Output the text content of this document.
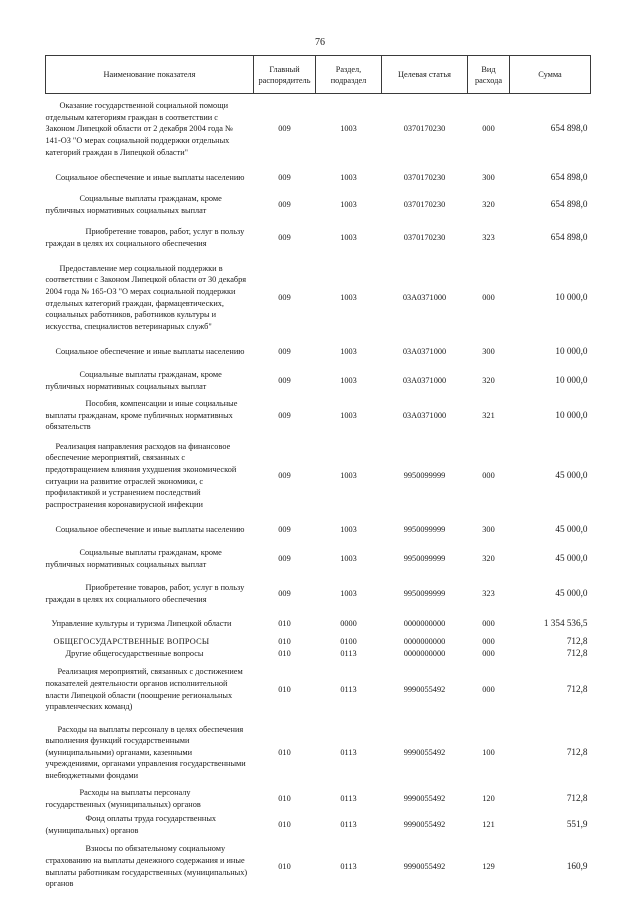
76
Наименование показателя	Главный распорядитель	Раздел, подраздел	Целевая статья	Вид расхода	Сумма
Оказание государственной социальной помощи отдельным категориям граждан в соответствии с Законом Липецкой области от 2 декабря 2004 года № 141-ОЗ "О мерах социальной поддержки отдельных категорий граждан в Липецкой области"	009	1003	0370170230	000	654 898,0
Социальное обеспечение и иные выплаты населению	009	1003	0370170230	300	654 898,0
Социальные выплаты гражданам, кроме публичных нормативных социальных выплат	009	1003	0370170230	320	654 898,0
Приобретение товаров, работ, услуг в пользу граждан в целях их социального обеспечения	009	1003	0370170230	323	654 898,0
Предоставление мер социальной поддержки в соответствии с Законом Липецкой области от 30 декабря 2004 года № 165-ОЗ "О мерах социальной поддержки отдельных категорий граждан, фармацевтических, социальных работников, работников культуры и искусства, специалистов ветеринарных служб"	009	1003	03А0371000	000	10 000,0
Социальное обеспечение и иные выплаты населению	009	1003	03А0371000	300	10 000,0
Социальные выплаты гражданам, кроме публичных нормативных социальных выплат	009	1003	03А0371000	320	10 000,0
Пособия, компенсации и иные социальные выплаты гражданам, кроме публичных нормативных обязательств	009	1003	03А0371000	321	10 000,0
Реализация направления расходов на финансовое обеспечение мероприятий, связанных с предотвращением влияния ухудшения экономической ситуации на развитие отраслей экономики, с профилактикой и устранением последствий распространения коронавирусной инфекции	009	1003	9950099999	000	45 000,0
Социальное обеспечение и иные выплаты населению	009	1003	9950099999	300	45 000,0
Социальные выплаты гражданам, кроме публичных нормативных социальных выплат	009	1003	9950099999	320	45 000,0
Приобретение товаров, работ, услуг в пользу граждан в целях их социального обеспечения	009	1003	9950099999	323	45 000,0
Управление культуры и туризма Липецкой области	010	0000	0000000000	000	1 354 536,5
ОБЩЕГОСУДАРСТВЕННЫЕ ВОПРОСЫ	010	0100	0000000000	000	712,8
Другие общегосударственные вопросы	010	0113	0000000000	000	712,8
Реализация мероприятий, связанных с достижением показателей деятельности органов исполнительной власти Липецкой области (поощрение региональных управленческих команд)	010	0113	9990055492	000	712,8
Расходы на выплаты персоналу в целях обеспечения выполнения функций государственными (муниципальными) органами, казенными учреждениями, органами управления государственными внебюджетными фондами	010	0113	9990055492	100	712,8
Расходы на выплаты персоналу государственных (муниципальных) органов	010	0113	9990055492	120	712,8
Фонд оплаты труда государственных (муниципальных) органов	010	0113	9990055492	121	551,9
Взносы по обязательному социальному страхованию на выплаты денежного содержания и иные выплаты работникам государственных (муниципальных) органов	010	0113	9990055492	129	160,9
